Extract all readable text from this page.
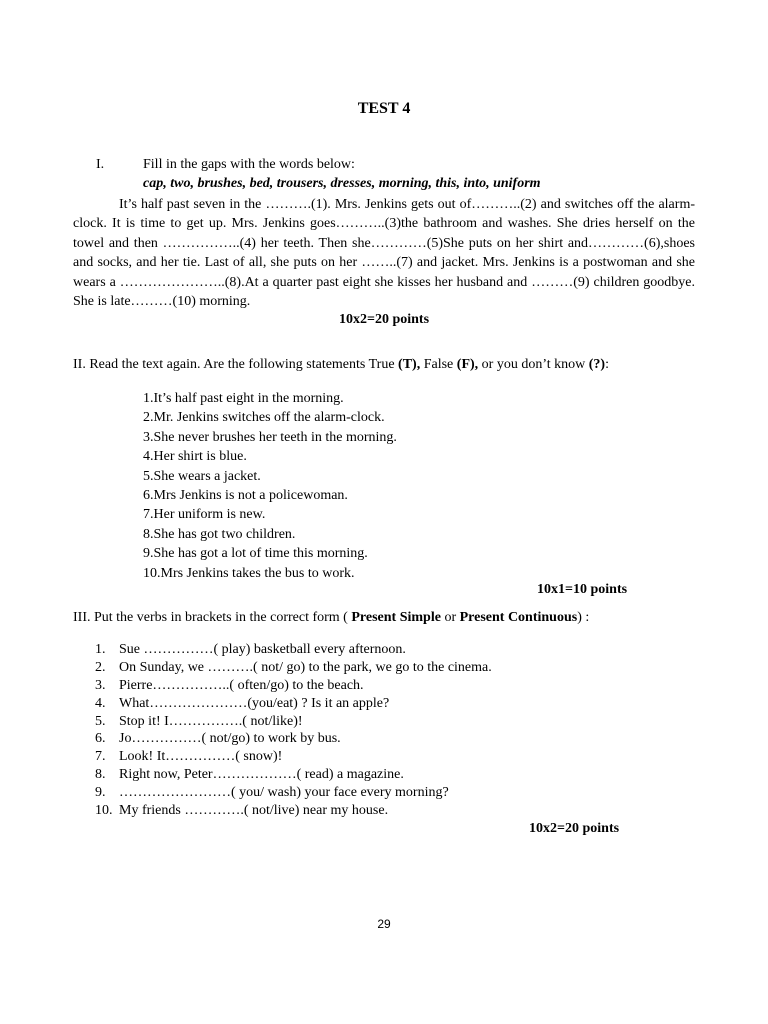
TEST 4
I.	Fill in the gaps with the words below:
cap, two, brushes, bed, trousers, dresses, morning, this, into, uniform
It’s half past seven in the ……….(1). Mrs. Jenkins gets out of………..(2) and switches off the alarm-clock. It is time to get up. Mrs. Jenkins goes………..(3)the bathroom and washes. She dries herself on the towel and then ……………..(4) her teeth. Then she…………(5)She puts on her shirt and…………(6),shoes and socks, and her tie. Last of all, she puts on her ……..(7) and jacket. Mrs. Jenkins is a postwoman and she wears a …………………..(8).At a quarter past eight she kisses her husband and ………(9) children goodbye. She is late………(10) morning.
10x2=20 points
II. Read the text again. Are the following statements True (T), False (F), or you don’t know (?):
1.It’s half past eight in the morning.
2.Mr. Jenkins switches off the alarm-clock.
3.She never brushes her teeth in the morning.
4.Her shirt is blue.
5.She wears a jacket.
6.Mrs Jenkins is not a policewoman.
7.Her uniform is new.
8.She has got two children.
9.She has got a lot of time this morning.
10.Mrs Jenkins takes the bus to work.
10x1=10 points
III. Put the verbs in brackets in the correct form ( Present Simple or Present Continuous) :
1. Sue ……………( play) basketball every afternoon.
2. On Sunday, we ……….( not/ go) to the park, we go to the cinema.
3. Pierre……………..( often/go) to the beach.
4. What…………………(you/eat) ? Is it an apple?
5. Stop it! I…………….( not/like)!
6. Jo……………( not/go) to work by bus.
7. Look! It……………( snow)!
8. Right now, Peter………………( read) a magazine.
9. ……………………( you/ wash) your face every morning?
10. My friends ………….( not/live) near my house.
10x2=20 points
29
